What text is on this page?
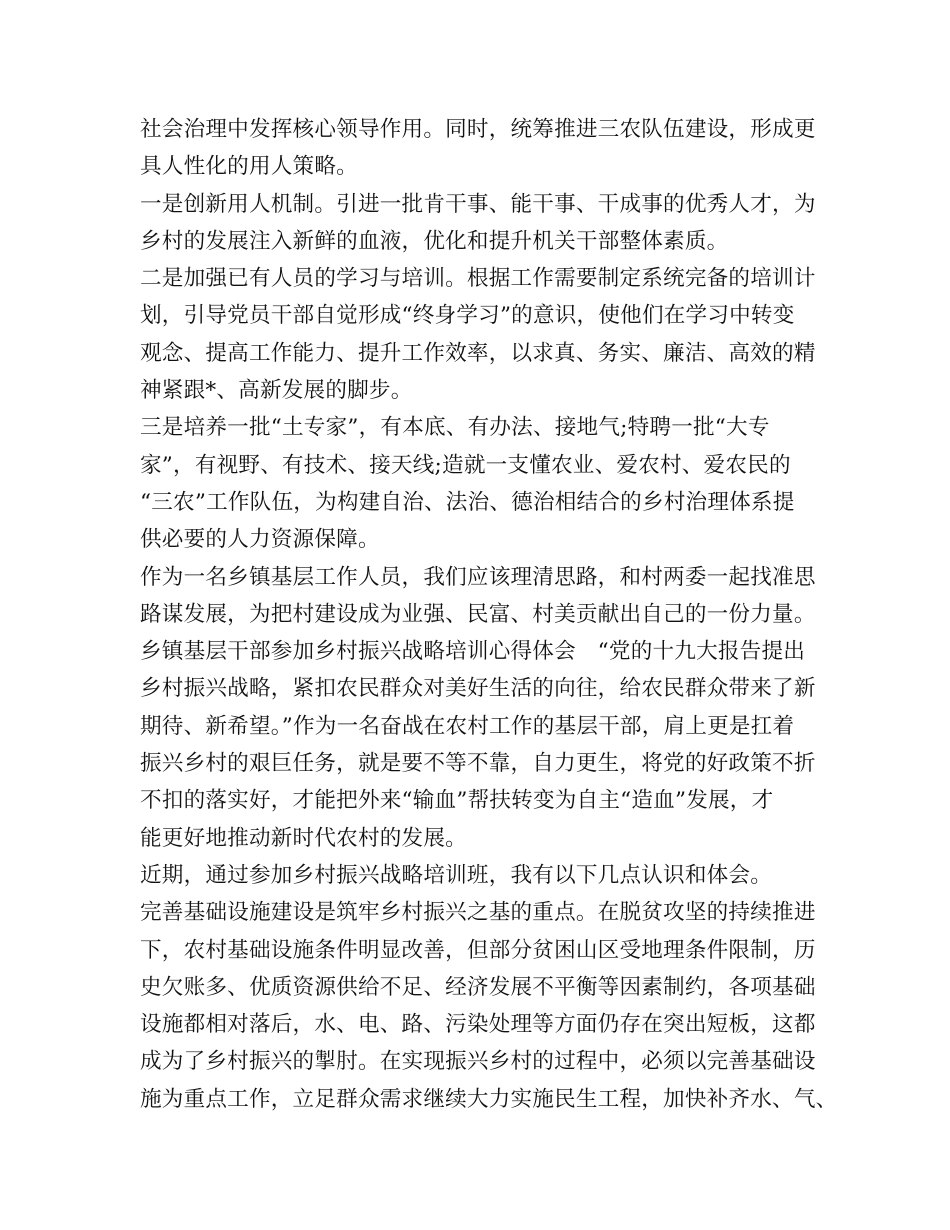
社会治理中发挥核心领导作用。同时，统筹推进三农队伍建设，形成更
具人性化的用人策略。
一是创新用人机制。引进一批肯干事、能干事、干成事的优秀人才，为
乡村的发展注入新鲜的血液，优化和提升机关干部整体素质。
二是加强已有人员的学习与培训。根据工作需要制定系统完备的培训计
划，引导党员干部自觉形成“终身学习”的意识，使他们在学习中转变
观念、提高工作能力、提升工作效率，以求真、务实、廉洁、高效的精
神紧跟*、高新发展的脚步。
三是培养一批“土专家”，有本底、有办法、接地气;特聘一批“大专
家”，有视野、有技术、接天线;造就一支懂农业、爱农村、爱农民的
“三农”工作队伍，为构建自治、法治、德治相结合的乡村治理体系提
供必要的人力资源保障。
作为一名乡镇基层工作人员，我们应该理清思路，和村两委一起找准思
路谋发展，为把村建设成为业强、民富、村美贡献出自己的一份力量。
乡镇基层干部参加乡村振兴战略培训心得体会　“党的十九大报告提出
乡村振兴战略，紧扣农民群众对美好生活的向往，给农民群众带来了新
期待、新希望。”作为一名奋战在农村工作的基层干部，肩上更是扛着
振兴乡村的艰巨任务，就是要不等不靠，自力更生，将党的好政策不折
不扣的落实好，才能把外来“输血”帮扶转变为自主“造血”发展，才
能更好地推动新时代农村的发展。
近期，通过参加乡村振兴战略培训班，我有以下几点认识和体会。
完善基础设施建设是筑牢乡村振兴之基的重点。在脱贫攻坚的持续推进
下，农村基础设施条件明显改善，但部分贫困山区受地理条件限制，历
史欠账多、优质资源供给不足、经济发展不平衡等因素制约，各项基础
设施都相对落后，水、电、路、污染处理等方面仍存在突出短板，这都
成为了乡村振兴的掣肘。在实现振兴乡村的过程中，必须以完善基础设
施为重点工作，立足群众需求继续大力实施民生工程，加快补齐水、气、
